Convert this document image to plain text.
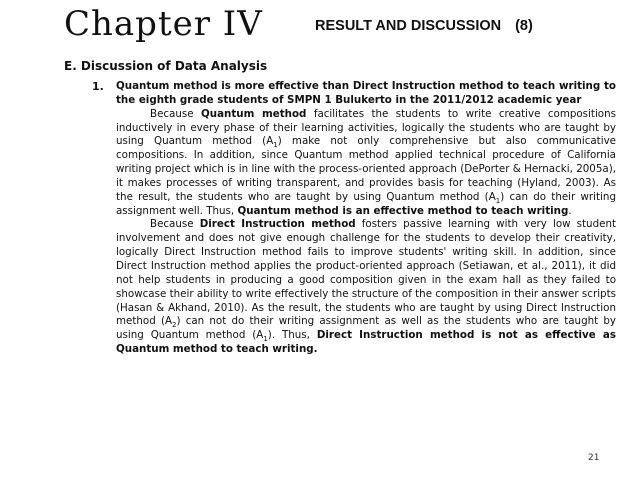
Chapter IV	RESULT AND DISCUSSION (8)
E. Discussion of Data Analysis
1. Quantum method is more effective than Direct Instruction method to teach writing to the eighth grade students of SMPN 1 Bulukerto in the 2011/2012 academic year

Because Quantum method facilitates the students to write creative compositions inductively in every phase of their learning activities, logically the students who are taught by using Quantum method $(A_1)$ make not only comprehensive but also communicative compositions. In addition, since Quantum method applied technical procedure of California writing project which is in line with the process-oriented approach (DePorter & Hernacki, 2005a), it makes processes of writing transparent, and provides basis for teaching (Hyland, 2003). As the result, the students who are taught by using Quantum method $(A_1)$ can do their writing assignment well. Thus, Quantum method is an effective method to teach writing.

Because Direct Instruction method fosters passive learning with very low student involvement and does not give enough challenge for the students to develop their creativity, logically Direct Instruction method fails to improve students' writing skill. In addition, since Direct Instruction method applies the product-oriented approach (Setiawan, et al., 2011), it did not help students in producing a good composition given in the exam hall as they failed to showcase their ability to write effectively the structure of the composition in their answer scripts (Hasan & Akhand, 2010). As the result, the students who are taught by using Direct Instruction method $(A_2)$ can not do their writing assignment as well as the students who are taught by using Quantum method $(A_1)$. Thus, Direct Instruction method is not as effective as Quantum method to teach writing.

21
